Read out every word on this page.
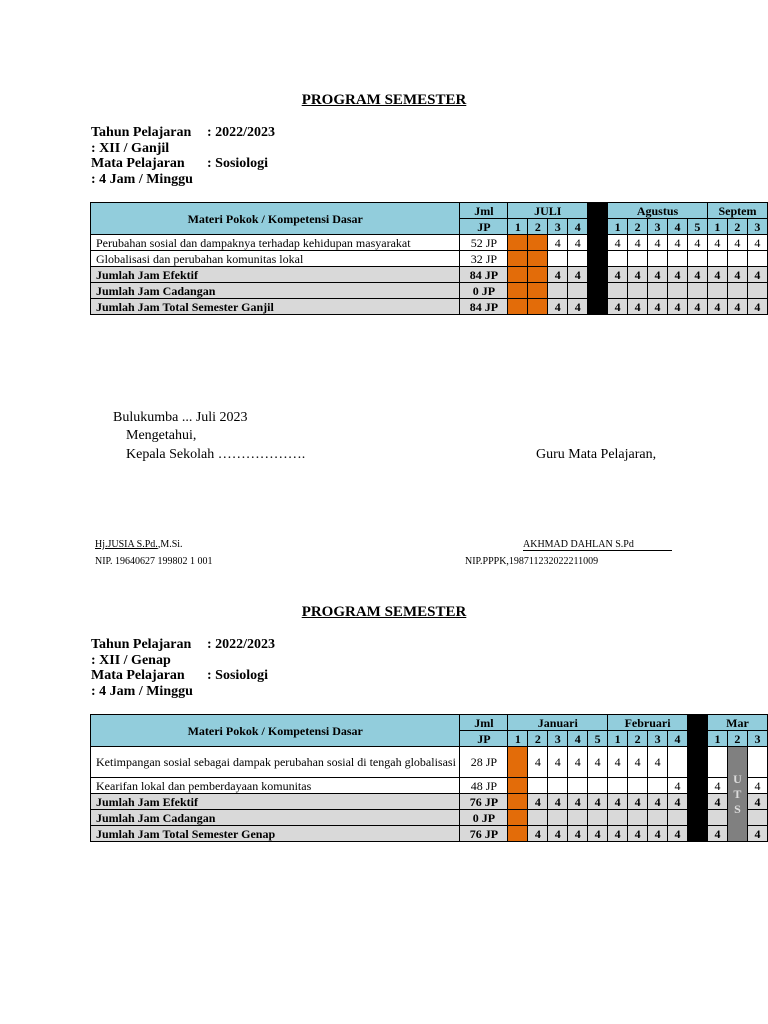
PROGRAM SEMESTER
Tahun Pelajaran : 2022/2023
: XII / Ganjil
Mata Pelajaran : Sosiologi
: 4 Jam / Minggu
Materi Pokok / Kompetensi Dasar	Jml	JULI					Agustus					Septem		
	JP	1	2	3	4		1	2	3	4	5	1	2	3
Perubahan sosial dan dampaknya terhadap kehidupan masyarakat	52 JP			4	4		4	4	4	4	4	4	4	4
Globalisasi dan perubahan komunitas lokal	32 JP													
Jumlah Jam Efektif	84 JP			4	4		4	4	4	4	4	4	4	4
Jumlah Jam Cadangan	0 JP													
Jumlah Jam Total Semester Ganjil	84 JP			4	4		4	4	4	4	4	4	4	4
Bulukumba ... Juli 2023
Mengetahui,
Kepala Sekolah ……………….	Guru Mata Pelajaran,
Hj.JUSIA S.Pd.,M.Si.
NIP. 19640627 199802 1 001
AKHMAD DAHLAN S.Pd
NIP.PPPK,198711232022211009
PROGRAM SEMESTER
Tahun Pelajaran : 2022/2023
: XII / Genap
Mata Pelajaran : Sosiologi
: 4 Jam / Minggu
Materi Pokok / Kompetensi Dasar	Jml	Januari					Februari					Mar		
	JP	1	2	3	4	5	1	2	3	4		1	2	3
Ketimpangan sosial sebagai dampak perubahan sosial di tengah globalisasi	28 JP		4	4	4	4	4	4	4				U
T
S	

Kearifan lokal dan pemberdayaan komunitas	48 JP									4		4		4
Jumlah Jam Efektif	76 JP		4	4	4	4	4	4	4	4		4		4
Jumlah Jam Cadangan	0 JP													
Jumlah Jam Total Semester Genap	76 JP		4	4	4	4	4	4	4	4		4		4
